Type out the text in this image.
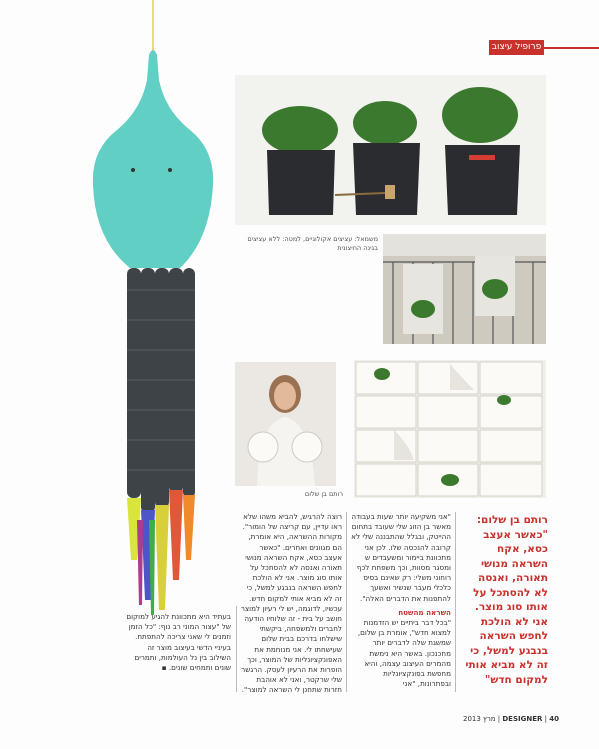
פרופיל עיצוב
משמאל: עציצים אקולוגיים, למטה: ללא עציצים בגינה החיצונית
רותם בן שלום
רותם בן שלום: "כאשר אעצב כסא, אקח השראה מנושי תאורה, ואנסה לא להסתכל על אותו סוג מוצר. אני לא הולכת לחפש השראה בנבגע למשל, כי זה לא מביא אותי למקום חדש"

"אני משקיעה יותר שעות בעבודה מאשר בן הזוג שלי שעובד בתחום ההייטק, ובגלל שהתבננה שלי לא קרובה להנכסה שלו. לכן אני מתכוונת ביימור ומשעבדים ש ומסגר מסוות, וכך משפחת לכף רוחוני משלי: רק שאינם בסיס כלכלי מעבר שנשיר ואשעך להתפנות את הדברים האלה".

השראה מהשטח

"בכל דבר ביתיים יש הזדמנות למצוא חדש", אומרת בן שלום, שמשגת שלה לדברים יותר מחכנכון. באשר היא נימשת מהמרים העיצוב עצמה, והיא מחפשת בפונקציונליות ובפתרונות, "אני

רוצה להרגיש, להביא משהו שלא ראו עדיין, עם קריצה של הומור". מקורות ההשראה, היא אומרת, הם מגוונים ואחרים. "כאשר אעצב כסא, אקח השראה מנושי תאורה ואנסה לא להסתכל על אותו סוג מוצר. אני לא הולכת לחפש השראה בנבגע למשל, כי זה לא מביא אותי למקום חדש. עכשיו, לדוגמה, יש לי רעיון למוצר חושב על בית - זה שלוחיו הודעה לחברים ולמשפחה, ביקשתי שישלחו בדרכם בבית שלום שעישחתו לי. אני מנוחמת את האפונקציונליות של המוצר, וכך הופרות את הרעיון לעסק. הרגשר שלי שרקטר, ואני לא אוהבת חזרות שתחנן לי השראה למוצר".

בעתיד היא מתכוונת להגיע למוקום של "עצור המוני רב נוף: "כל הזמן וזמנים לי שאני צריכה להתפתח. בעיניי הדשי בעיצוב מוצר זה השילוב בין נל העולמות, ותמרים שונים ותמחים שונים. ▪

מרץ 2013 | DESIGNER | 40
